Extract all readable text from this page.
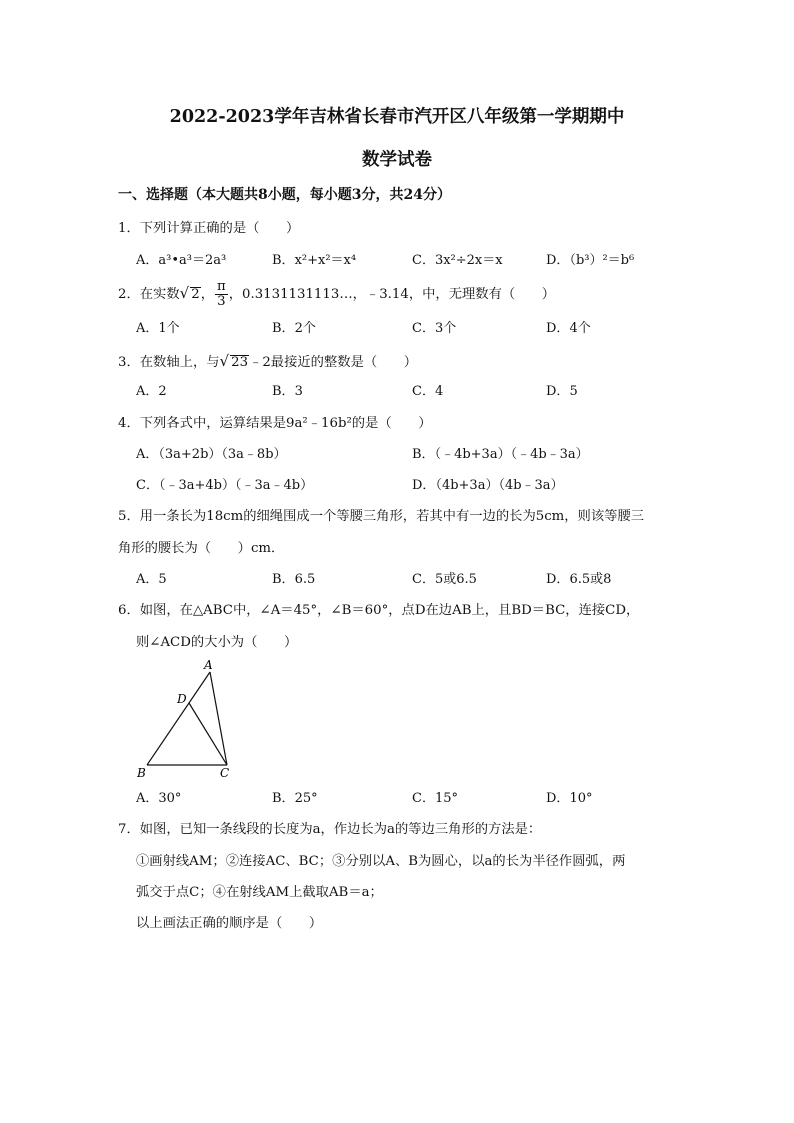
2022-2023学年吉林省长春市汽开区八年级第一学期期中
数学试卷
一、选择题（本大题共8小题，每小题3分，共24分）
1．下列计算正确的是（　　）
A．a³•a³＝2a³	B．x²+x²＝x⁴	C．3x²÷2x＝x	D．（b³）²＝b⁶
2．在实数√ 2， $\frac{\pi}{3}$ ，0.3131131113…，﹣3.14，中，无理数有（　　）
A．1个	B．2个	C．3个	D．4个
3．在数轴上，与√ 23﹣2最接近的整数是（　　）
A．2	B．3	C．4	D．5
4．下列各式中，运算结果是9a²﹣16b²的是（　　）
A．（3a+2b）（3a﹣8b）	B．（﹣4b+3a）（﹣4b﹣3a）
C．（﹣3a+4b）（﹣3a﹣4b）	D．（4b+3a）（4b﹣3a）
5．用一条长为18cm的细绳围成一个等腰三角形，若其中有一边的长为5cm，则该等腰三
角形的腰长为（　　）cm．
A．5	B．6.5	C．5或6.5	D．6.5或8
6．如图，在△ABC中，∠A＝45°，∠B＝60°，点D在边AB上，且BD＝BC，连接CD，
则∠ACD的大小为（　　）
A
D
B	C
A．30°	B．25°	C．15°	D．10°
7．如图，已知一条线段的长度为a，作边长为a的等边三角形的方法是：
①画射线AM；②连接AC、BC；③分别以A、B为圆心，以a的长为半径作圆弧，两
弧交于点C；④在射线AM上截取AB＝a；
以上画法正确的顺序是（　　）
